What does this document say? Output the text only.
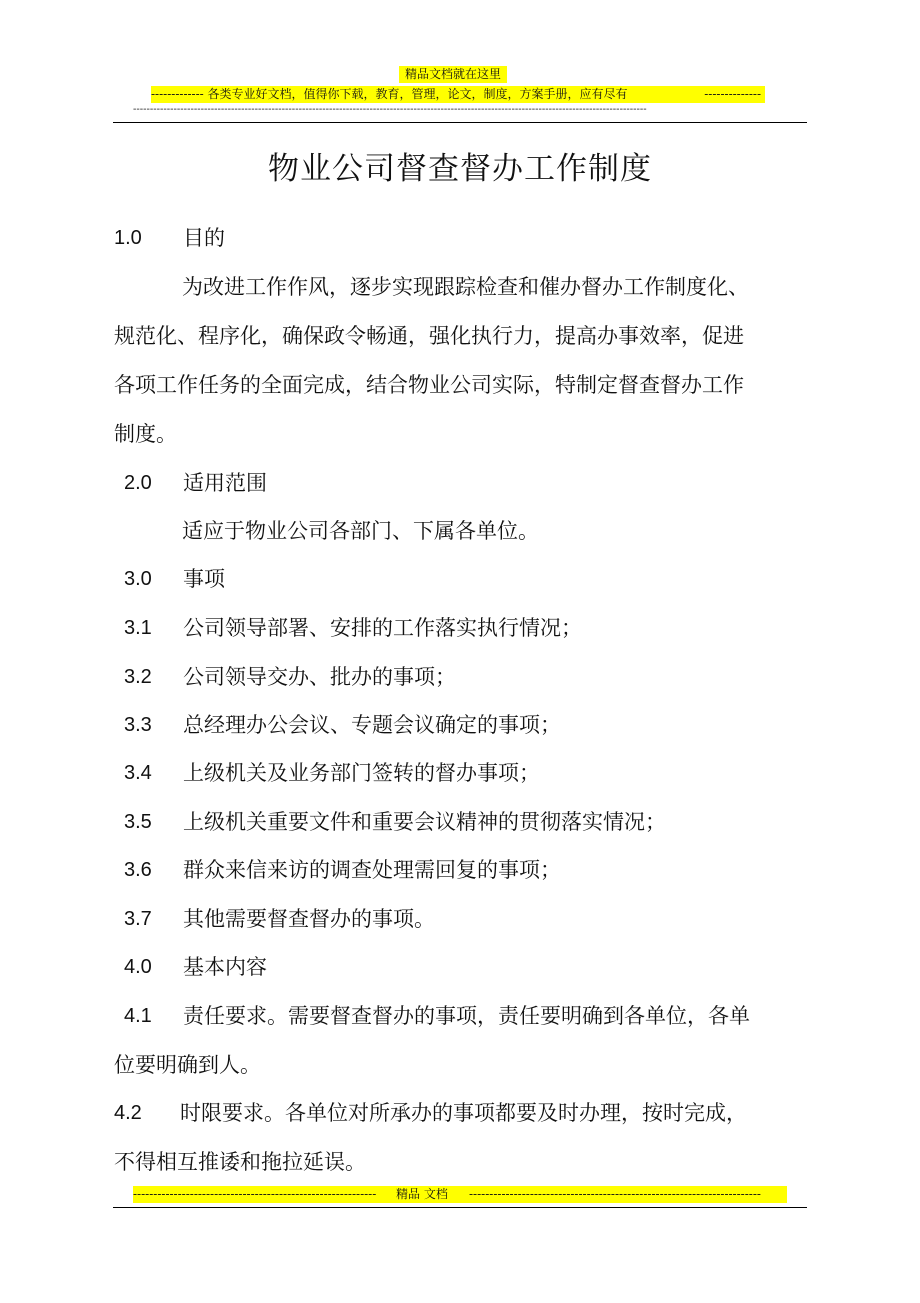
精品文档就在这里
------------- 各类专业好文档，值得你下载，教育，管理，论文，制度，方案手册，应有尽有	--------------
--------------------------------------------------------------------------------------------------------------------------------------------------------
物业公司督查督办工作制度
1.0 目的
为改进工作作风，逐步实现跟踪检查和催办督办工作制度化、
规范化、程序化，确保政令畅通，强化执行力，提高办事效率，促进
各项工作任务的全面完成，结合物业公司实际，特制定督查督办工作
制度。
2.0 适用范围
适应于物业公司各部门、下属各单位。
3.0 事项
3.1 公司领导部署、安排的工作落实执行情况；
3.2 公司领导交办、批办的事项；
3.3 总经理办公会议、专题会议确定的事项；
3.4 上级机关及业务部门签转的督办事项；
3.5 上级机关重要文件和重要会议精神的贯彻落实情况；
3.6 群众来信来访的调查处理需回复的事项；
3.7 其他需要督查督办的事项。
4.0 基本内容
4.1 责任要求。需要督查督办的事项，责任要明确到各单位，各单
位要明确到人。
4.2 时限要求。各单位对所承办的事项都要及时办理，按时完成，
不得相互推诿和拖拉延误。
------------------------------------------------------------ 精品 文档 ------------------------------------------------------------------------
